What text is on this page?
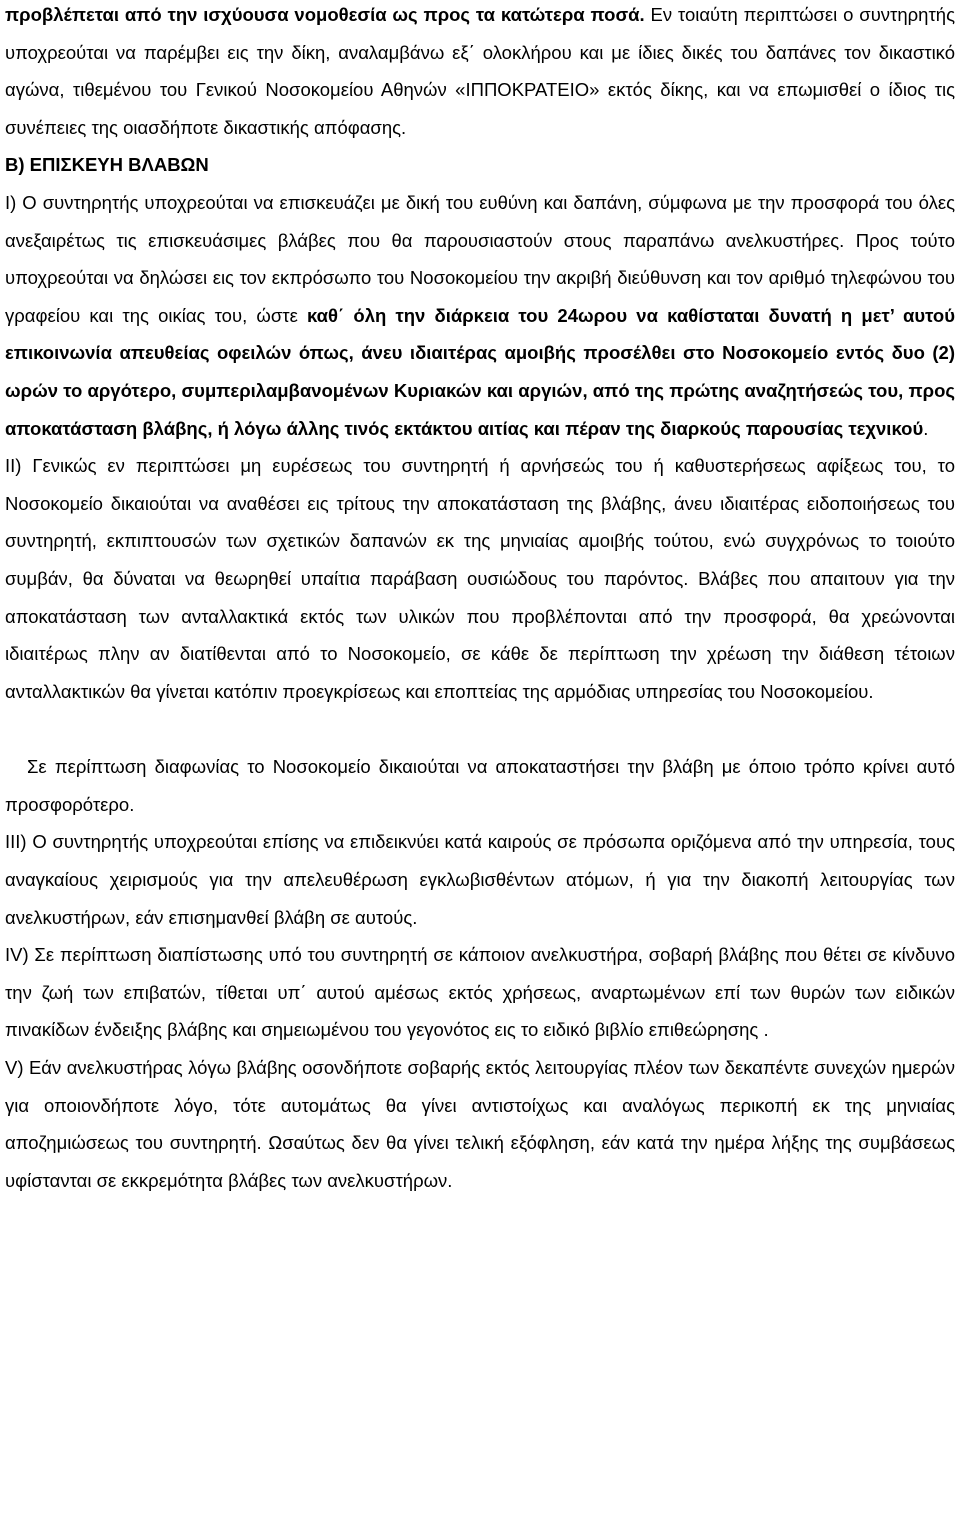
προβλέπεται από την ισχύουσα νομοθεσία ως προς τα κατώτερα ποσά. Εν τοιαύτη περιπτώσει ο συντηρητής υποχρεούται να παρέμβει εις την δίκη, αναλαμβάνω εξ΄ ολοκλήρου και με ίδιες δικές του δαπάνες τον δικαστικό αγώνα, τιθεμένου του Γενικού Νοσοκομείου Αθηνών «ΙΠΠΟΚΡΑΤΕΙΟ» εκτός δίκης, και να επωμισθεί ο ίδιος τις συνέπειες της οιασδήποτε δικαστικής απόφασης.

Β) ΕΠΙΣΚΕΥΗ ΒΛΑΒΩΝ

Ι) Ο συντηρητής υποχρεούται να επισκευάζει με δική του ευθύνη και δαπάνη, σύμφωνα με την προσφορά του όλες ανεξαιρέτως τις επισκευάσιμες βλάβες που θα παρουσιαστούν στους παραπάνω ανελκυστήρες. Προς τούτο υποχρεούται να δηλώσει εις τον εκπρόσωπο του Νοσοκομείου την ακριβή διεύθυνση και τον αριθμό τηλεφώνου του γραφείου και της οικίας του, ώστε καθ΄ όλη την διάρκεια του 24ωρου να καθίσταται δυνατή η μετ’ αυτού επικοινωνία απευθείας οφειλών όπως, άνευ ιδιαιτέρας αμοιβής προσέλθει στο Νοσοκομείο εντός δυο (2) ωρών το αργότερο, συμπεριλαμβανομένων Κυριακών και αργιών, από της πρώτης αναζητήσεώς του, προς αποκατάσταση βλάβης, ή λόγω άλλης τινός εκτάκτου αιτίας και πέραν της διαρκούς παρουσίας τεχνικού.

ΙΙ) Γενικώς εν περιπτώσει μη ευρέσεως του συντηρητή ή αρνήσεώς του ή καθυστερήσεως αφίξεως του, το Νοσοκομείο δικαιούται να αναθέσει εις τρίτους την αποκατάσταση της βλάβης, άνευ ιδιαιτέρας ειδοποιήσεως του συντηρητή, εκπιπτουσών των σχετικών δαπανών εκ της μηνιαίας αμοιβής τούτου, ενώ συγχρόνως το τοιούτο συμβάν, θα δύναται να θεωρηθεί υπαίτια παράβαση ουσιώδους του παρόντος. Βλάβες που απαιτουν για την αποκατάσταση των ανταλλακτικά εκτός των υλικών που προβλέπονται από την προσφορά, θα χρεώνονται ιδιαιτέρως πλην αν διατίθενται από το Νοσοκομείο, σε κάθε δε περίπτωση την χρέωση την διάθεση τέτοιων ανταλλακτικών θα γίνεται κατόπιν προεγκρίσεως και εποπτείας της αρμόδιας υπηρεσίας του Νοσοκομείου.

Σε περίπτωση διαφωνίας το Νοσοκομείο δικαιούται να αποκαταστήσει την βλάβη με όποιο τρόπο κρίνει αυτό προσφορότερο.

ΙΙΙ) Ο συντηρητής υποχρεούται επίσης να επιδεικνύει κατά καιρούς σε πρόσωπα οριζόμενα από την υπηρεσία, τους αναγκαίους χειρισμούς για την απελευθέρωση εγκλωβισθέντων ατόμων, ή για την διακοπή λειτουργίας των ανελκυστήρων, εάν επισημανθεί βλάβη σε αυτούς.

ΙV) Σε περίπτωση διαπίστωσης υπό του συντηρητή σε κάποιον ανελκυστήρα, σοβαρή βλάβης που θέτει σε κίνδυνο την ζωή των επιβατών, τίθεται υπ΄ αυτού αμέσως εκτός χρήσεως, αναρτωμένων επί των θυρών των ειδικών πινακίδων ένδειξης βλάβης και σημειωμένου του γεγονότος εις το ειδικό βιβλίο επιθεώρησης .

V) Εάν ανελκυστήρας λόγω βλάβης οσονδήποτε σοβαρής εκτός λειτουργίας πλέον των δεκαπέντε συνεχών ημερών για οποιονδήποτε λόγο, τότε αυτομάτως θα γίνει αντιστοίχως και αναλόγως περικοπή εκ της μηνιαίας αποζημιώσεως του συντηρητή. Ωσαύτως δεν θα γίνει τελική εξόφληση, εάν κατά την ημέρα λήξης της συμβάσεως υφίστανται σε εκκρεμότητα βλάβες των ανελκυστήρων.
